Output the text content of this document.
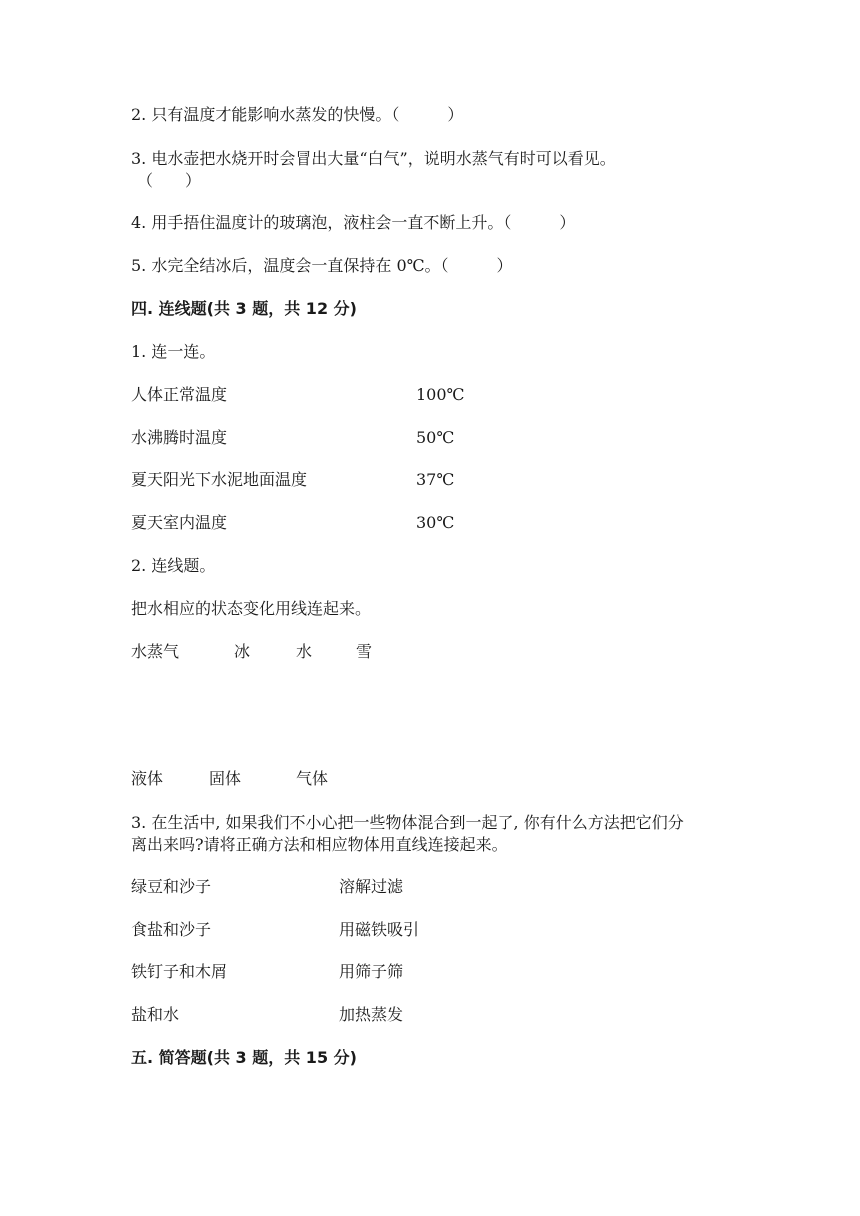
2. 只有温度才能影响水蒸发的快慢。（　　　）
3. 电水壶把水烧开时会冒出大量“白气”，说明水蒸气有时可以看见。
（　　）
4. 用手捂住温度计的玻璃泡，液柱会一直不断上升。（　　　）
5. 水完全结冰后，温度会一直保持在 0℃。（　　　）
四. 连线题(共 3 题，共 12 分)
1. 连一连。
人体正常温度	100℃
水沸腾时温度	50℃
夏天阳光下水泥地面温度	37℃
夏天室内温度	30℃
2. 连线题。
把水相应的状态变化用线连起来。
水蒸气	冰	水	雪
液体	固体	气体
3. 在生活中, 如果我们不小心把一些物体混合到一起了, 你有什么方法把它们分
离出来吗?请将正确方法和相应物体用直线连接起来。
绿豆和沙子	溶解过滤
食盐和沙子	用磁铁吸引
铁钉子和木屑	用筛子筛
盐和水	加热蒸发
五. 简答题(共 3 题，共 15 分)
